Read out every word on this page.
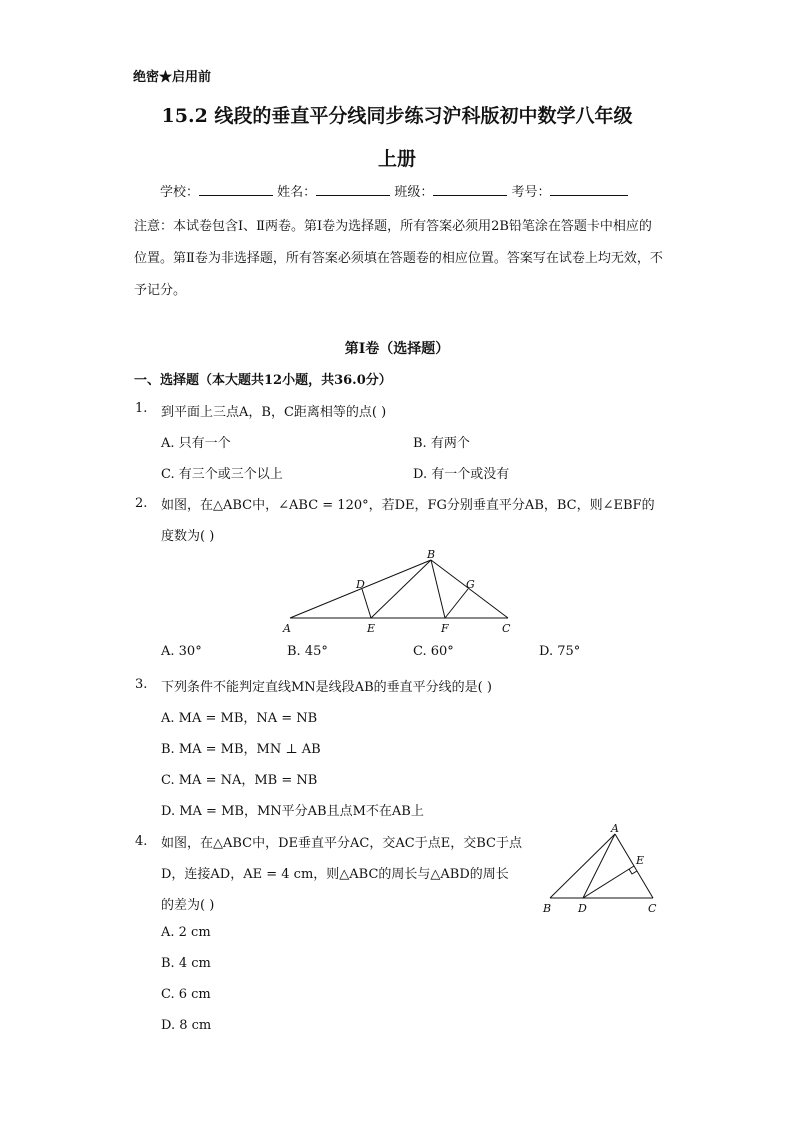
绝密★启用前
15.2 线段的垂直平分线同步练习沪科版初中数学八年级
上册
学校：	姓名：	班级：	考号：
注意：本试卷包含Ⅰ、Ⅱ两卷。第Ⅰ卷为选择题，所有答案必须用2B铅笔涂在答题卡中相应的位置。第Ⅱ卷为非选择题，所有答案必须填在答题卷的相应位置。答案写在试卷上均无效，不予记分。
第Ⅰ卷（选择题）
一、选择题（本大题共12小题，共36.0分）
1. 到平面上三点A，B，C距离相等的点( )
A. 只有一个	B. 有两个
C. 有三个或三个以上	D. 有一个或没有
2. 如图，在△ABC中，∠ABC = 120°，若DE，FG分别垂直平分AB，BC，则∠EBF的
度数为( )
B
D	G
A	E	F	C
A. 30°	B. 45°	C. 60°	D. 75°
3. 下列条件不能判定直线MN是线段AB的垂直平分线的是( )
A. MA = MB，NA = NB
B. MA = MB，MN ⊥ AB
C. MA = NA，MB = NB
D. MA = MB，MN平分AB且点M不在AB上
4. 如图，在△ABC中，DE垂直平分AC，交AC于点E，交BC于点
D，连接AD，AE = 4 cm，则△ABC的周长与△ABD的周长
的差为( )
A
E
B D	C
A. 2 cm
B. 4 cm
C. 6 cm
D. 8 cm
